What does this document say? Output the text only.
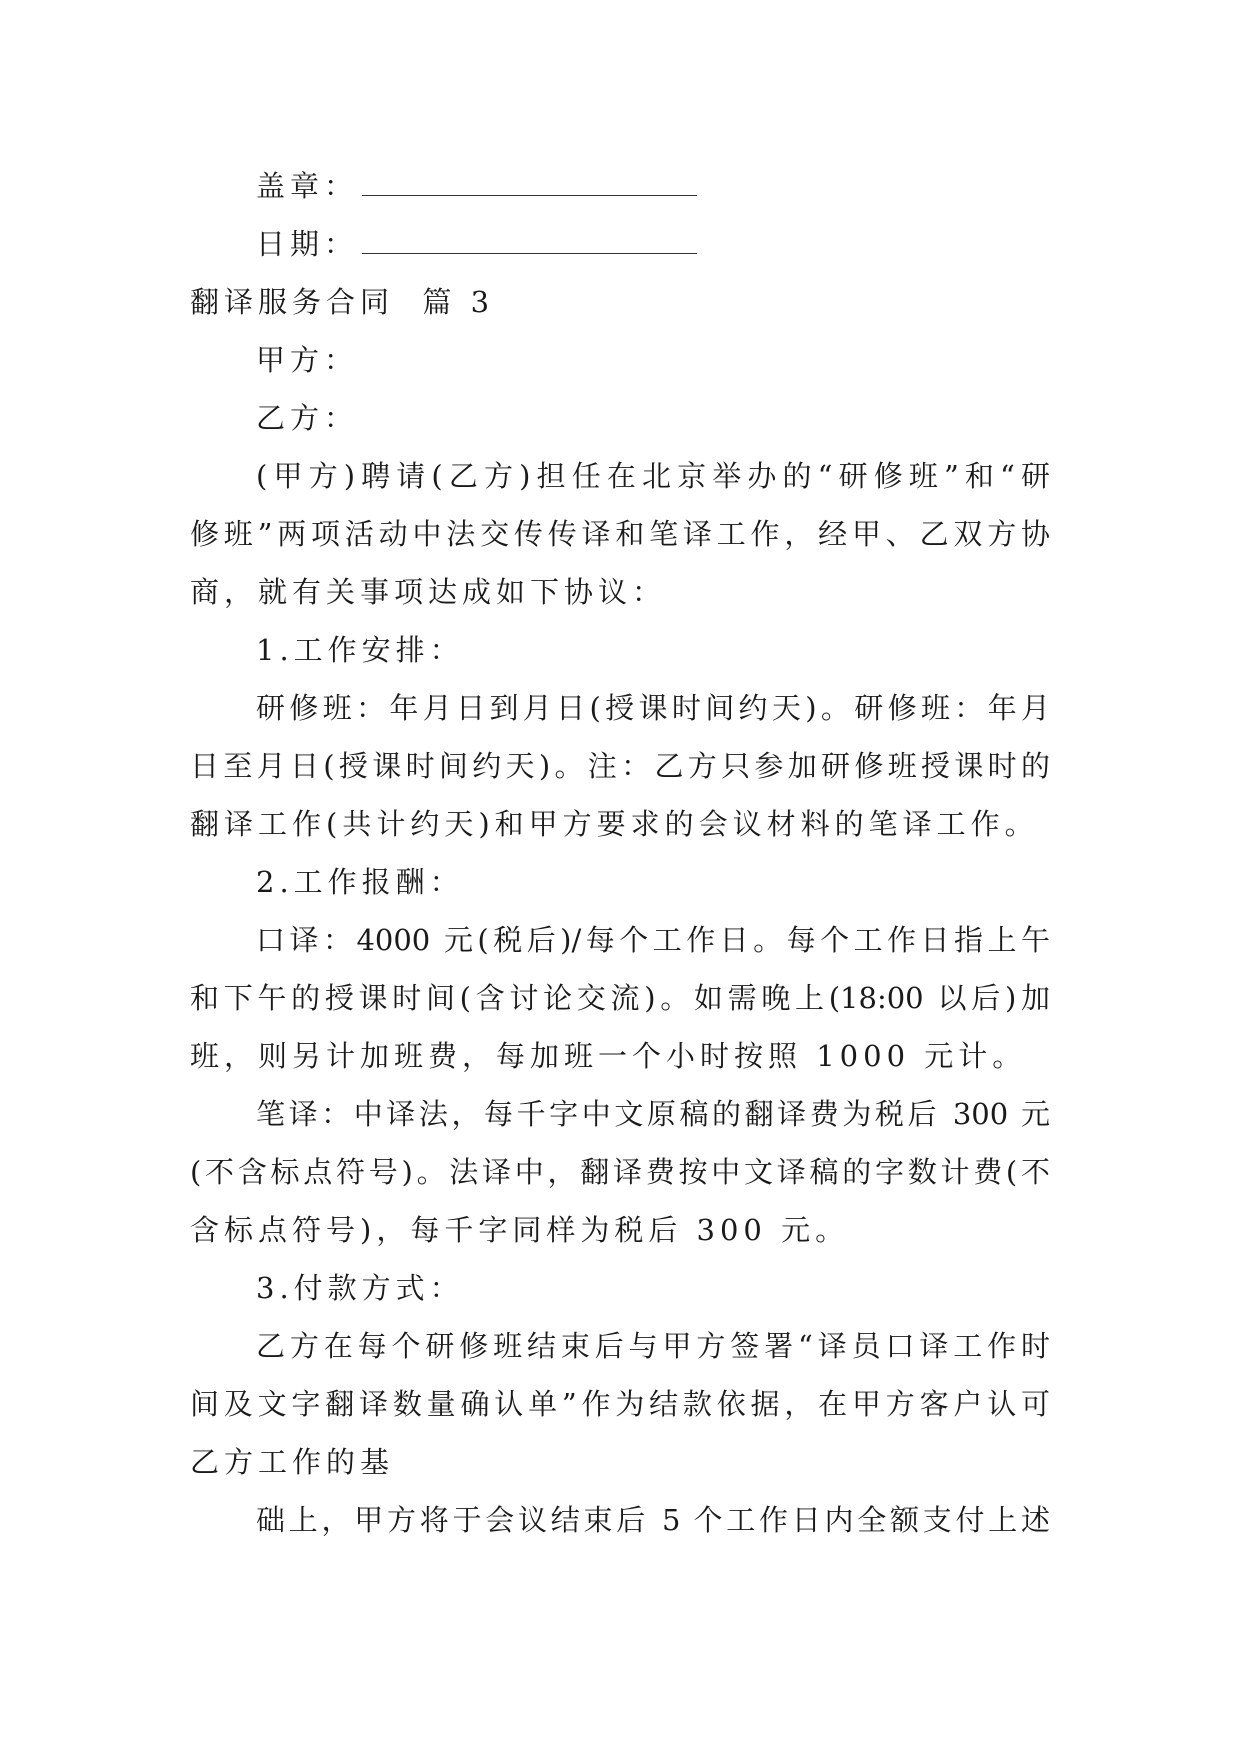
盖章：
日期：
翻译服务合同  篇 3
甲方：
乙方：
(甲方)聘请(乙方)担任在北京举办的“研修班”和“研
修班”两项活动中法交传传译和笔译工作，经甲、乙双方协
商，就有关事项达成如下协议：
1.工作安排：
研修班：年月日到月日(授课时间约天)。研修班：年月
日至月日(授课时间约天)。注：乙方只参加研修班授课时的
翻译工作(共计约天)和甲方要求的会议材料的笔译工作。
2.工作报酬：
口译：4000 元(税后)/每个工作日。每个工作日指上午
和下午的授课时间(含讨论交流)。如需晚上(18:00 以后)加
班，则另计加班费，每加班一个小时按照 1000 元计。
笔译：中译法，每千字中文原稿的翻译费为税后 300 元
(不含标点符号)。法译中，翻译费按中文译稿的字数计费(不
含标点符号)，每千字同样为税后 300 元。
3.付款方式：
乙方在每个研修班结束后与甲方签署“译员口译工作时
间及文字翻译数量确认单”作为结款依据，在甲方客户认可
乙方工作的基
础上，甲方将于会议结束后 5 个工作日内全额支付上述
